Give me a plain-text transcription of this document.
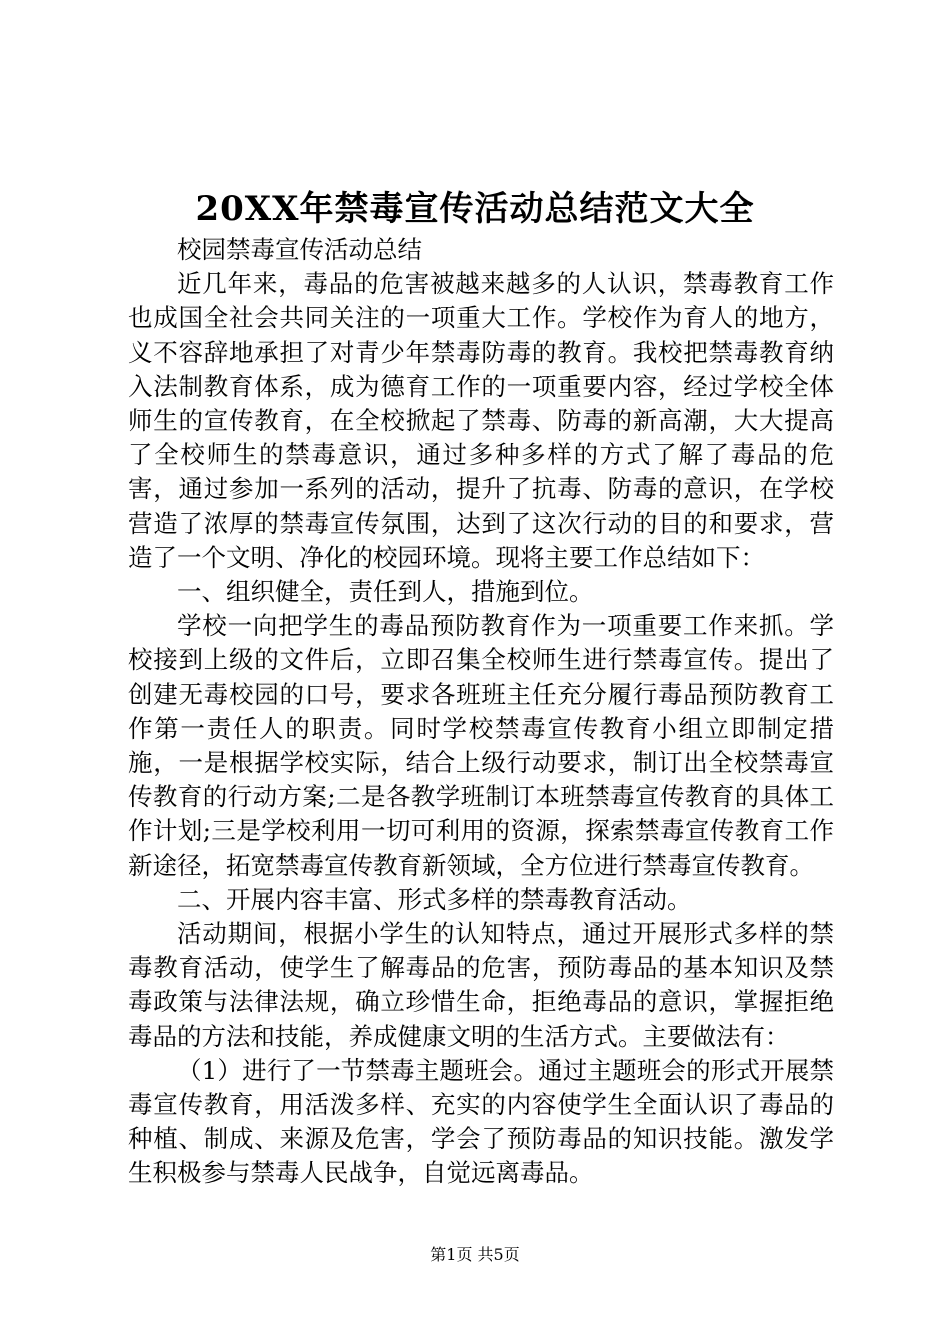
20XX年禁毒宣传活动总结范文大全

校园禁毒宣传活动总结

近几年来，毒品的危害被越来越多的人认识，禁毒教育工作也成国全社会共同关注的一项重大工作。学校作为育人的地方，义不容辞地承担了对青少年禁毒防毒的教育。我校把禁毒教育纳入法制教育体系，成为德育工作的一项重要内容，经过学校全体师生的宣传教育，在全校掀起了禁毒、防毒的新高潮，大大提高了全校师生的禁毒意识，通过多种多样的方式了解了毒品的危害，通过参加一系列的活动，提升了抗毒、防毒的意识，在学校营造了浓厚的禁毒宣传氛围，达到了这次行动的目的和要求，营造了一个文明、净化的校园环境。现将主要工作总结如下：

一、组织健全，责任到人，措施到位。

学校一向把学生的毒品预防教育作为一项重要工作来抓。学校接到上级的文件后，立即召集全校师生进行禁毒宣传。提出了创建无毒校园的口号，要求各班班主任充分履行毒品预防教育工作第一责任人的职责。同时学校禁毒宣传教育小组立即制定措施，一是根据学校实际，结合上级行动要求，制订出全校禁毒宣传教育的行动方案;二是各教学班制订本班禁毒宣传教育的具体工作计划;三是学校利用一切可利用的资源，探索禁毒宣传教育工作新途径，拓宽禁毒宣传教育新领域，全方位进行禁毒宣传教育。

二、开展内容丰富、形式多样的禁毒教育活动。

活动期间，根据小学生的认知特点，通过开展形式多样的禁毒教育活动，使学生了解毒品的危害，预防毒品的基本知识及禁毒政策与法律法规，确立珍惜生命，拒绝毒品的意识，掌握拒绝毒品的方法和技能，养成健康文明的生活方式。主要做法有：

（1）进行了一节禁毒主题班会。通过主题班会的形式开展禁毒宣传教育，用活泼多样、充实的内容使学生全面认识了毒品的种植、制成、来源及危害，学会了预防毒品的知识技能。激发学生积极参与禁毒人民战争，自觉远离毒品。

第1页 共5页
